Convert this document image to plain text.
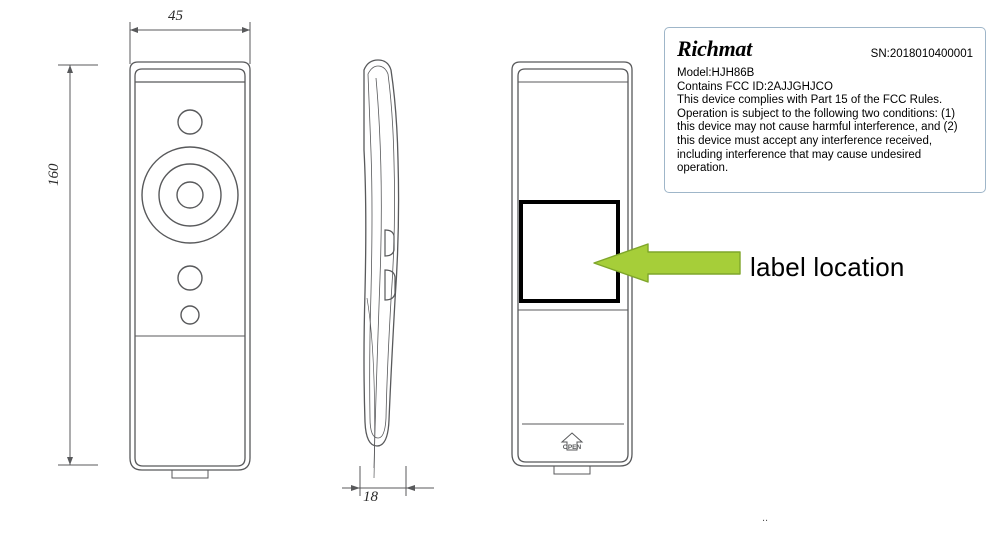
45
160
18
OPEN
label location
Richmat	SN:2018010400001
Model:HJH86B
Contains FCC ID:2AJJGHJCO
This device complies with Part 15 of the FCC Rules.
Operation is subject to the following two conditions: (1)
this device may not cause harmful interference, and (2)
this device must accept any interference received,
including interference that may cause undesired
operation.
..
